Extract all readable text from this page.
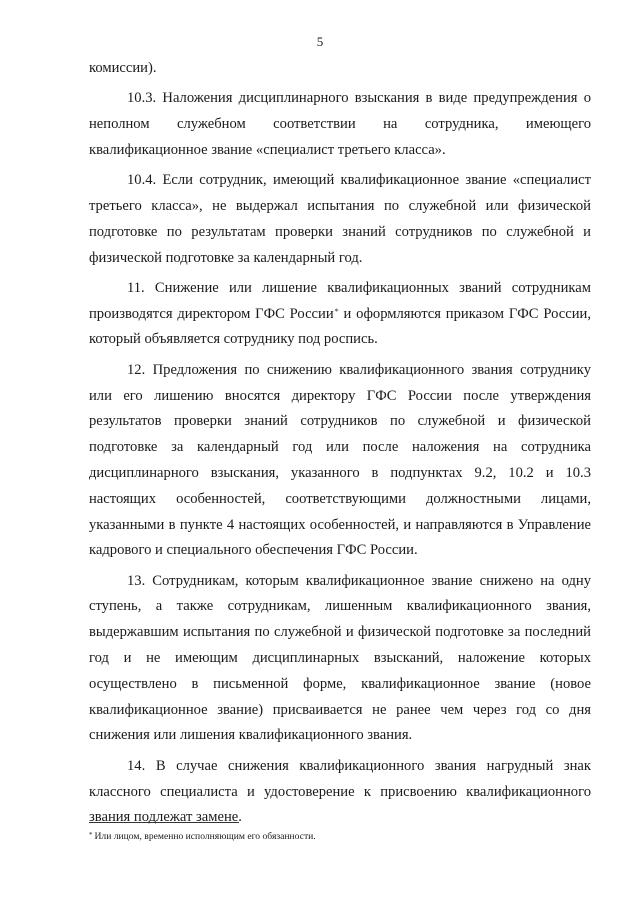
5

комиссии).

10.3. Наложения дисциплинарного взыскания в виде предупреждения о неполном служебном соответствии на сотрудника, имеющего квалификационное звание «специалист третьего класса».

10.4. Если сотрудник, имеющий квалификационное звание «специалист третьего класса», не выдержал испытания по служебной или физической подготовке по результатам проверки знаний сотрудников по служебной и физической подготовке за календарный год.

11. Снижение или лишение квалификационных званий сотрудникам производятся директором ГФС России* и оформляются приказом ГФС России, который объявляется сотруднику под роспись.

12. Предложения по снижению квалификационного звания сотруднику или его лишению вносятся директору ГФС России после утверждения результатов проверки знаний сотрудников по служебной и физической подготовке за календарный год или после наложения на сотрудника дисциплинарного взыскания, указанного в подпунктах 9.2, 10.2 и 10.3 настоящих особенностей, соответствующими должностными лицами, указанными в пункте 4 настоящих особенностей, и направляются в Управление кадрового и специального обеспечения ГФС России.

13. Сотрудникам, которым квалификационное звание снижено на одну ступень, а также сотрудникам, лишенным квалификационного звания, выдержавшим испытания по служебной и физической подготовке за последний год и не имеющим дисциплинарных взысканий, наложение которых осуществлено в письменной форме, квалификационное звание (новое квалификационное звание) присваивается не ранее чем через год со дня снижения или лишения квалификационного звания.

14. В случае снижения квалификационного звания нагрудный знак классного специалиста и удостоверение к присвоению квалификационного звания подлежат замене.

* Или лицом, временно исполняющим его обязанности.
